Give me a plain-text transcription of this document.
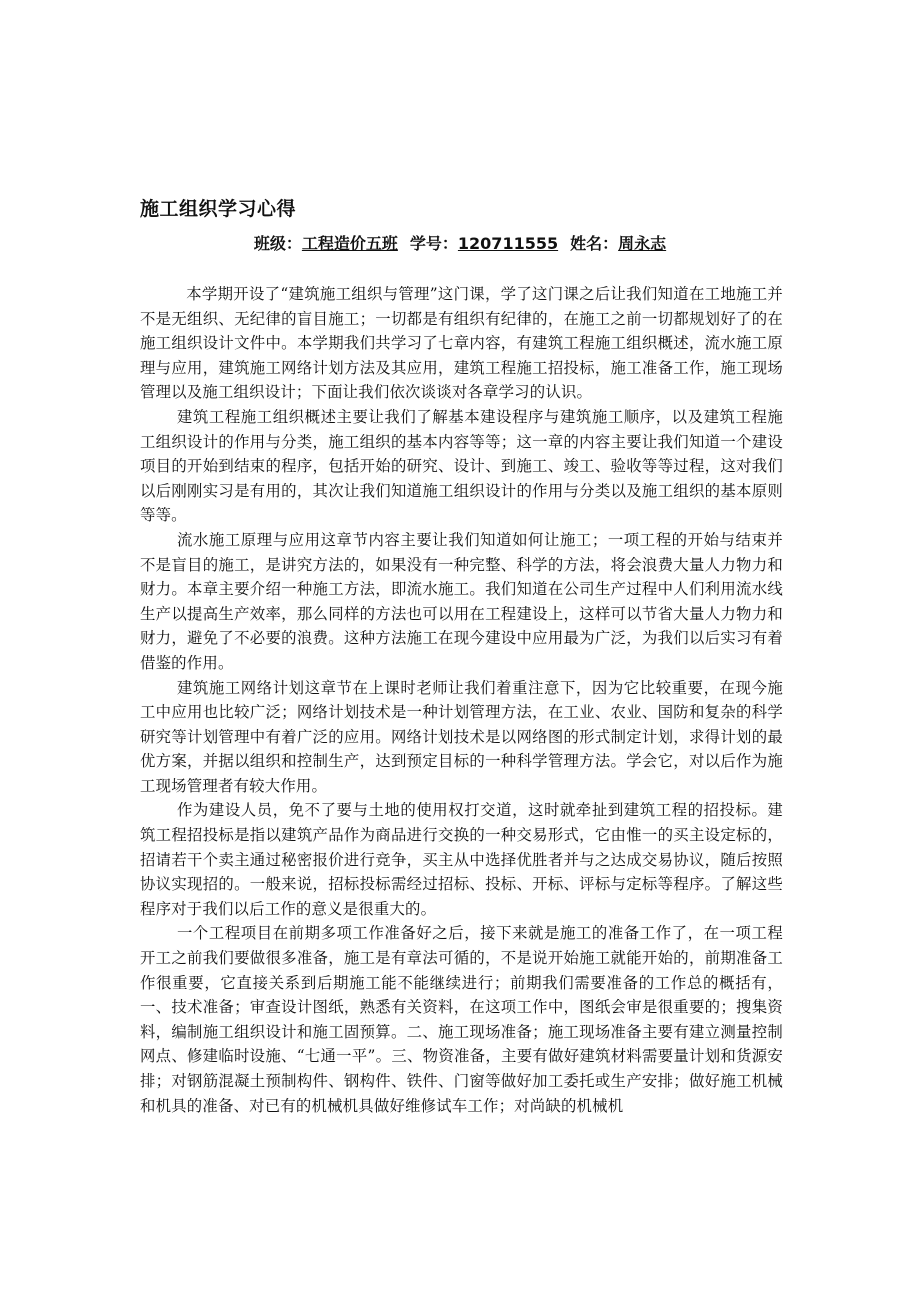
施工组织学习心得
班级：工程造价五班 学号：120711555 姓名：周永志

本学期开设了“建筑施工组织与管理”这门课，学了这门课之后让我们知道在工地施工并不是无组织、无纪律的盲目施工；一切都是有组织有纪律的，在施工之前一切都规划好了的在施工组织设计文件中。本学期我们共学习了七章内容，有建筑工程施工组织概述，流水施工原理与应用，建筑施工网络计划方法及其应用，建筑工程施工招投标，施工准备工作，施工现场管理以及施工组织设计；下面让我们依次谈谈对各章学习的认识。

建筑工程施工组织概述主要让我们了解基本建设程序与建筑施工顺序，以及建筑工程施工组织设计的作用与分类，施工组织的基本内容等等；这一章的内容主要让我们知道一个建设项目的开始到结束的程序，包括开始的研究、设计、到施工、竣工、验收等等过程，这对我们以后刚刚实习是有用的，其次让我们知道施工组织设计的作用与分类以及施工组织的基本原则等等。

流水施工原理与应用这章节内容主要让我们知道如何让施工；一项工程的开始与结束并不是盲目的施工，是讲究方法的，如果没有一种完整、科学的方法，将会浪费大量人力物力和财力。本章主要介绍一种施工方法，即流水施工。我们知道在公司生产过程中人们利用流水线生产以提高生产效率，那么同样的方法也可以用在工程建设上，这样可以节省大量人力物力和财力，避免了不必要的浪费。这种方法施工在现今建设中应用最为广泛，为我们以后实习有着借鉴的作用。

建筑施工网络计划这章节在上课时老师让我们着重注意下，因为它比较重要，在现今施工中应用也比较广泛；网络计划技术是一种计划管理方法，在工业、农业、国防和复杂的科学研究等计划管理中有着广泛的应用。网络计划技术是以网络图的形式制定计划，求得计划的最优方案，并据以组织和控制生产，达到预定目标的一种科学管理方法。学会它，对以后作为施工现场管理者有较大作用。

作为建设人员，免不了要与土地的使用权打交道，这时就牵扯到建筑工程的招投标。建筑工程招投标是指以建筑产品作为商品进行交换的一种交易形式，它由惟一的买主设定标的，招请若干个卖主通过秘密报价进行竞争，买主从中选择优胜者并与之达成交易协议，随后按照协议实现招的。一般来说，招标投标需经过招标、投标、开标、评标与定标等程序。了解这些程序对于我们以后工作的意义是很重大的。

一个工程项目在前期多项工作准备好之后，接下来就是施工的准备工作了，在一项工程开工之前我们要做很多准备，施工是有章法可循的，不是说开始施工就能开始的，前期准备工作很重要，它直接关系到后期施工能不能继续进行；前期我们需要准备的工作总的概括有，一、技术准备；审查设计图纸，熟悉有关资料，在这项工作中，图纸会审是很重要的；搜集资料，编制施工组织设计和施工固预算。二、施工现场准备；施工现场准备主要有建立测量控制网点、修建临时设施、“七通一平”。三、物资准备，主要有做好建筑材料需要量计划和货源安排；对钢筋混凝土预制构件、钢构件、铁件、门窗等做好加工委托或生产安排；做好施工机械和机具的准备、对已有的机械机具做好维修试车工作；对尚缺的机械机
